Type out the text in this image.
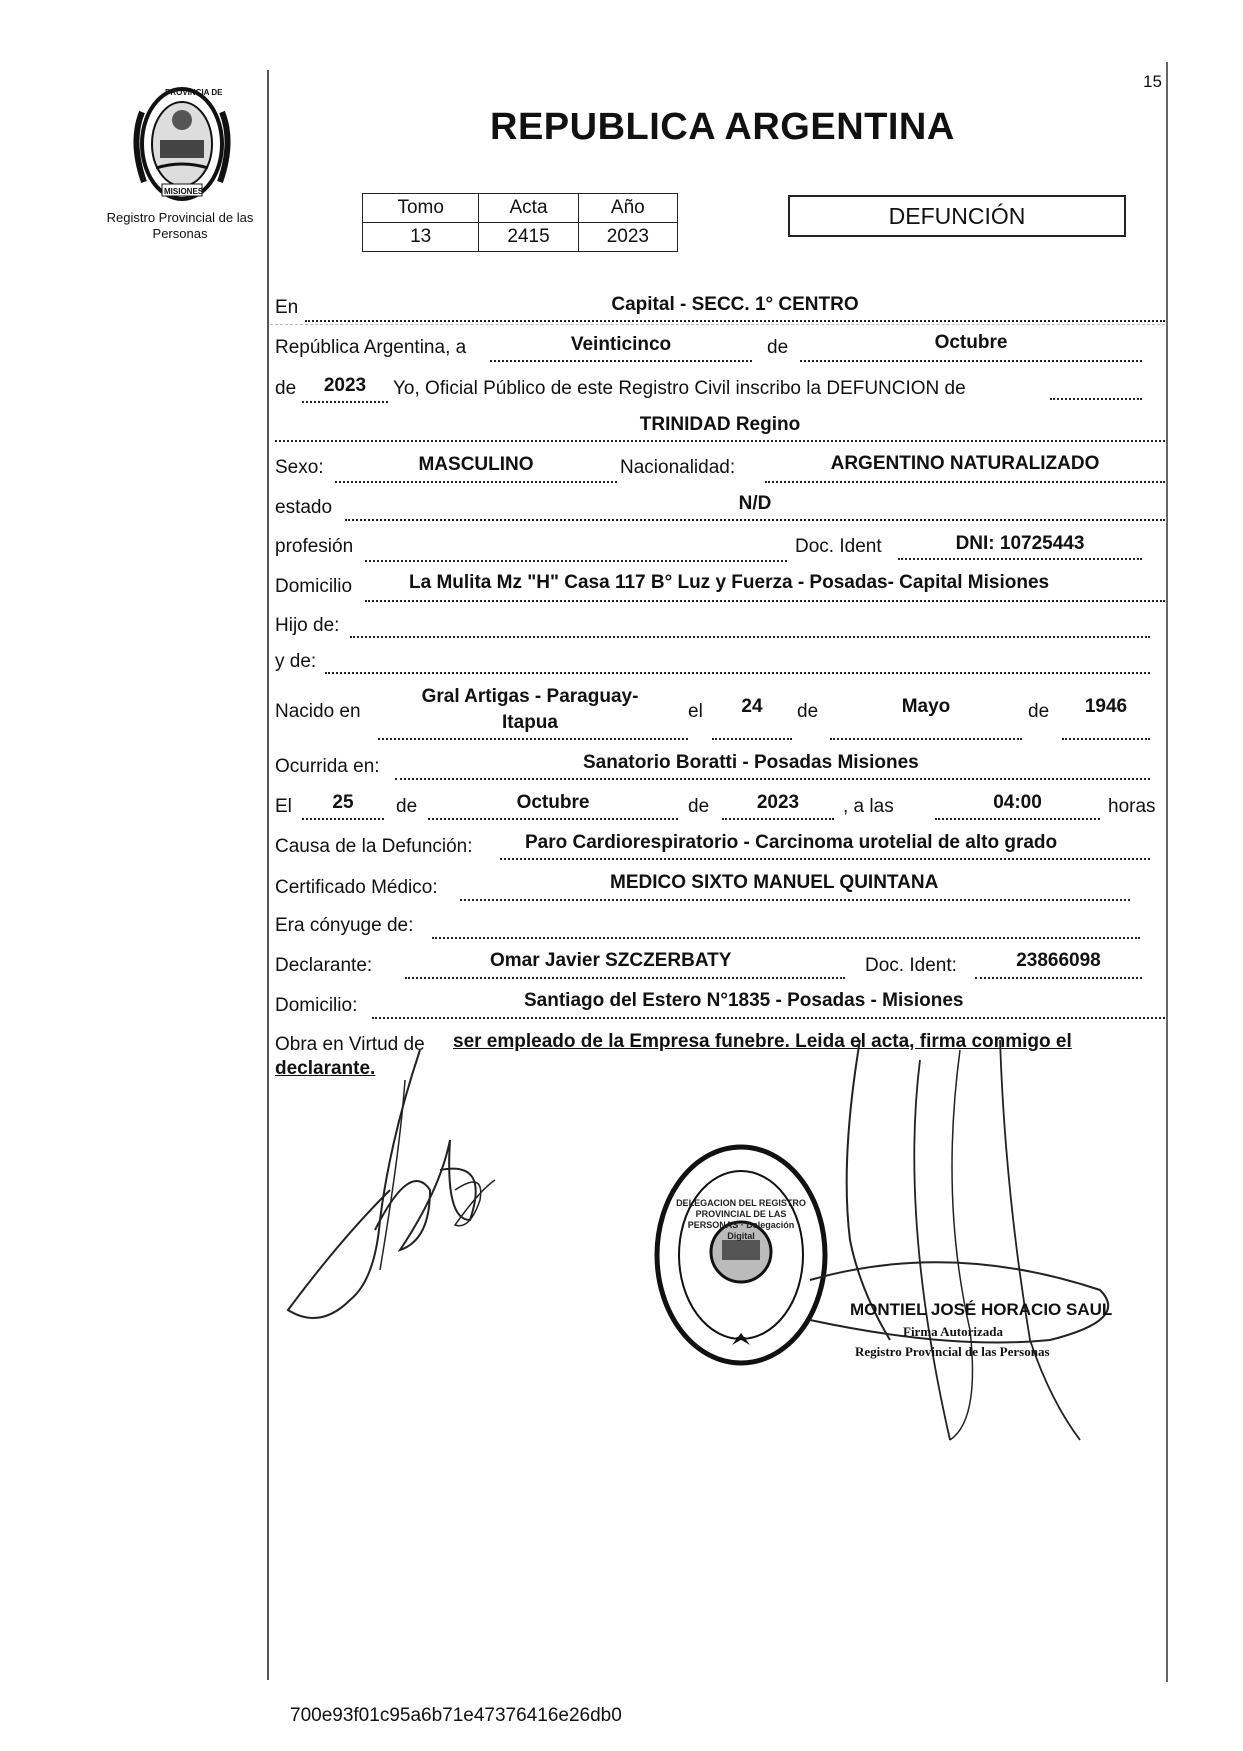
15
PROVINCIA DE
MISIONES
Registro Provincial de las Personas
REPUBLICA ARGENTINA
Tomo	Acta	Año
13	2415	2023
DEFUNCIÓN
En	Capital - SECC. 1° CENTRO
República Argentina, a	Veinticinco	de	Octubre
de	2023	Yo, Oficial Público de este Registro Civil inscribo la DEFUNCION de
TRINIDAD Regino
Sexo:	MASCULINO	Nacionalidad:	ARGENTINO NATURALIZADO
estado	N/D
profesión	Doc. Ident	DNI: 10725443
Domicilio	La Mulita Mz "H" Casa 117 B° Luz y Fuerza - Posadas- Capital Misiones
Hijo de:
y de:
Nacido en
Gral Artigas - Paraguay-
Itapua
el	24	de	Mayo	de	1946
Ocurrida en:	Sanatorio Boratti - Posadas Misiones
El	25	de	Octubre	de	2023	, a las	04:00	horas
Causa de la Defunción:	Paro Cardiorespiratorio - Carcinoma urotelial de alto grado
Certificado Médico:	MEDICO SIXTO MANUEL QUINTANA
Era cónyuge de:
Declarante:	Omar Javier SZCZERBATY	Doc. Ident:	23866098
Domicilio:	Santiago del Estero N°1835 - Posadas - Misiones
Obra en Virtud de ser empleado de la Empresa funebre. Leida el acta, firma conmigo el
declarante.
DELEGACION DEL REGISTRO PROVINCIAL DE LAS PERSONAS · Delegación Digital
MONTIEL JOSÉ HORACIO SAUL
Firma Autorizada
Registro Provincial de las Personas
700e93f01c95a6b71e47376416e26db0
